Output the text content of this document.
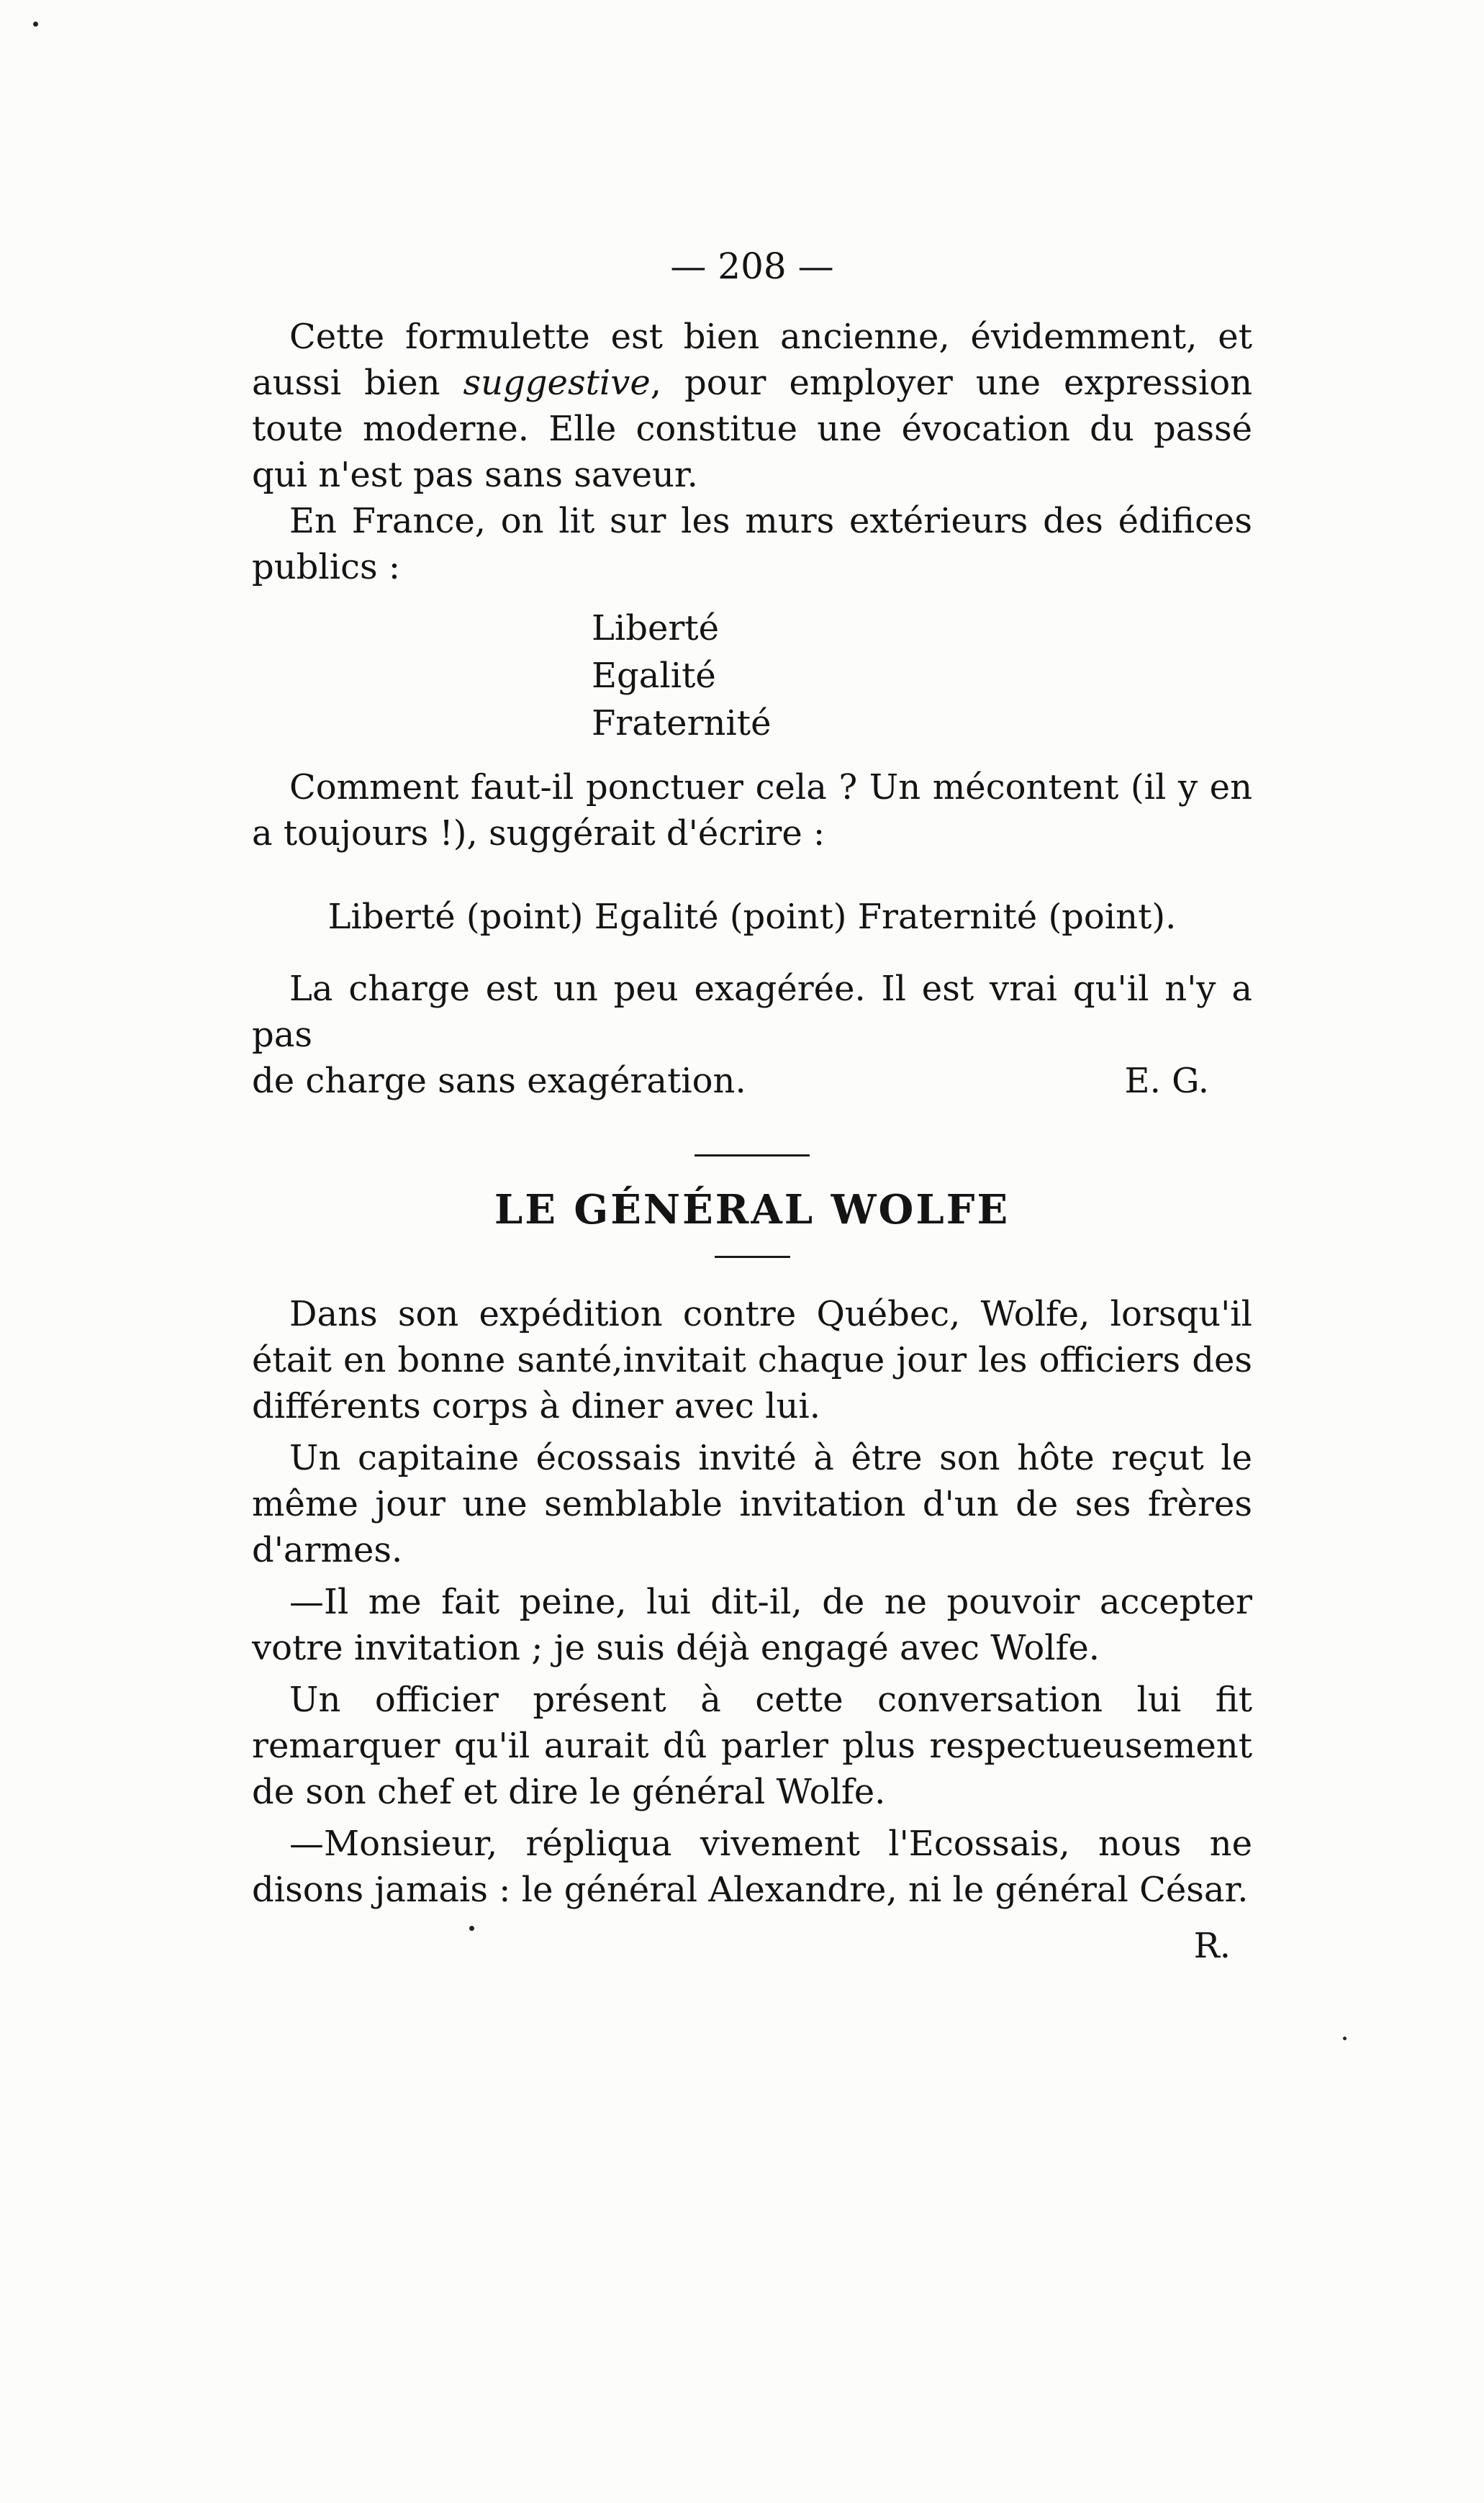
— 208 —

Cette formulette est bien ancienne, évidemment, et aussi bien suggestive, pour employer une expression toute moderne. Elle constitue une évocation du passé qui n'est pas sans saveur.

En France, on lit sur les murs extérieurs des édifices publics :

Liberté
Egalité
Fraternité

Comment faut-il ponctuer cela ? Un mécontent (il y en a toujours !), suggérait d'écrire :

Liberté (point) Egalité (point) Fraternité (point).

La charge est un peu exagérée. Il est vrai qu'il n'y a pas

de charge sans exagération.	E. G.
LE GÉNÉRAL WOLFE

Dans son expédition contre Québec, Wolfe, lorsqu'il était en bonne santé,invitait chaque jour les officiers des différents corps à diner avec lui.

Un capitaine écossais invité à être son hôte reçut le même jour une semblable invitation d'un de ses frères d'armes.

—Il me fait peine, lui dit-il, de ne pouvoir accepter votre invitation ; je suis déjà engagé avec Wolfe.

Un officier présent à cette conversation lui fit remarquer qu'il aurait dû parler plus respectueusement de son chef et dire le général Wolfe.

—Monsieur, répliqua vivement l'Ecossais, nous ne disons jamais : le général Alexandre, ni le général César.

R.
